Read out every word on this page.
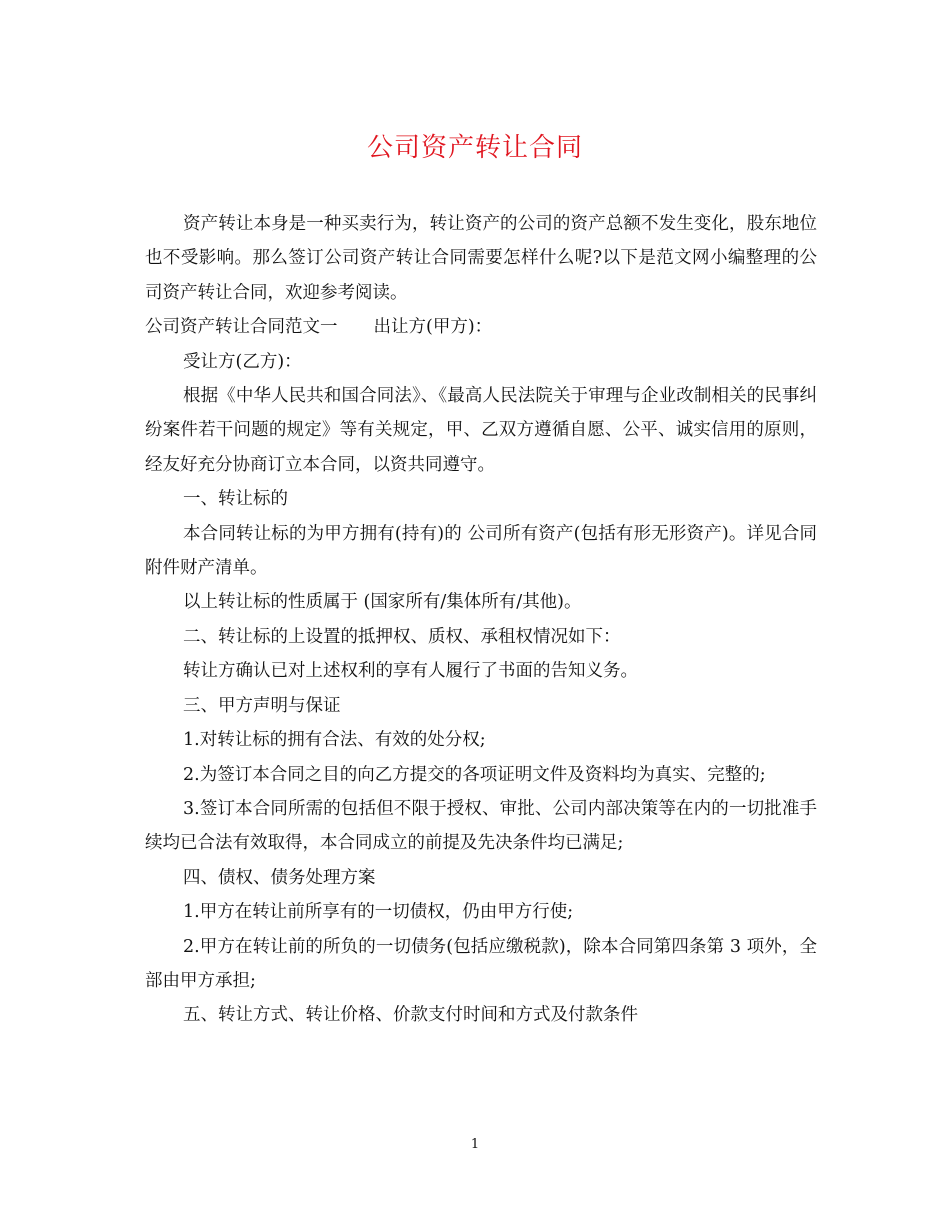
公司资产转让合同

资产转让本身是一种买卖行为，转让资产的公司的资产总额不发生变化，股东地位也不受影响。那么签订公司资产转让合同需要怎样什么呢?以下是范文网小编整理的公司资产转让合同，欢迎参考阅读。

公司资产转让合同范文一 出让方(甲方)：

受让方(乙方)：

根据《中华人民共和国合同法》、《最高人民法院关于审理与企业改制相关的民事纠纷案件若干问题的规定》等有关规定，甲、乙双方遵循自愿、公平、诚实信用的原则，经友好充分协商订立本合同，以资共同遵守。

一、转让标的

本合同转让标的为甲方拥有(持有)的 公司所有资产(包括有形无形资产)。详见合同附件财产清单。

以上转让标的性质属于 (国家所有/集体所有/其他)。

二、转让标的上设置的抵押权、质权、承租权情况如下：

转让方确认已对上述权利的享有人履行了书面的告知义务。

三、甲方声明与保证

1.对转让标的拥有合法、有效的处分权;

2.为签订本合同之目的向乙方提交的各项证明文件及资料均为真实、完整的;

3.签订本合同所需的包括但不限于授权、审批、公司内部决策等在内的一切批准手续均已合法有效取得，本合同成立的前提及先决条件均已满足;

四、债权、债务处理方案

1.甲方在转让前所享有的一切债权，仍由甲方行使;

2.甲方在转让前的所负的一切债务(包括应缴税款)，除本合同第四条第 3 项外，全部由甲方承担;

五、转让方式、转让价格、价款支付时间和方式及付款条件

1
